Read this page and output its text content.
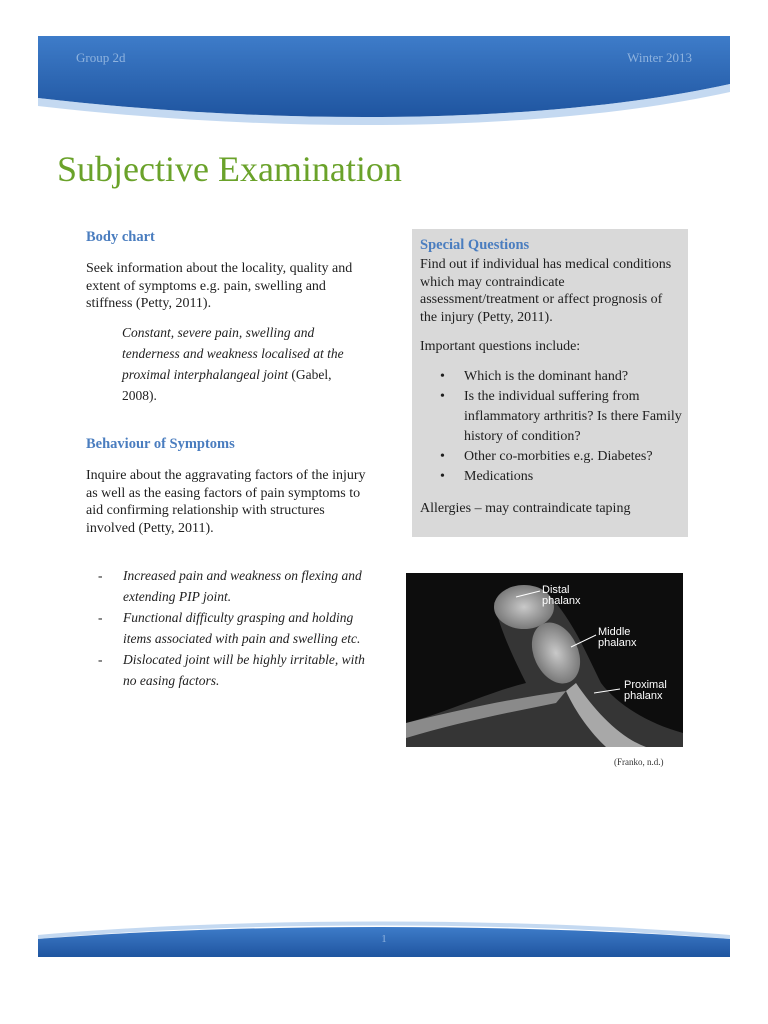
Group 2d	Winter 2013
Subjective Examination
Body chart

Seek information about the locality, quality and extent of symptoms e.g. pain, swelling and stiffness (Petty, 2011).

Constant, severe pain, swelling and tenderness and weakness localised at the proximal interphalangeal joint (Gabel, 2008).

Behaviour of Symptoms

Inquire about the aggravating factors of the injury as well as the easing factors of pain symptoms to aid confirming relationship with structures involved (Petty, 2011).

- Increased pain and weakness on flexing and extending PIP joint.
- Functional difficulty grasping and holding items associated with pain and swelling etc.
- Dislocated joint will be highly irritable, with no easing factors.
Special Questions

Find out if individual has medical conditions which may contraindicate assessment/treatment or affect prognosis of the injury (Petty, 2011).

Important questions include:

• Which is the dominant hand?
• Is the individual suffering from inflammatory arthritis? Is there Family history of condition?
• Other co-morbities e.g. Diabetes?
• Medications

Allergies – may contraindicate taping

Distal
phalanx
Middle
phalanx
Proximal
phalanx

(Franko, n.d.)

1
